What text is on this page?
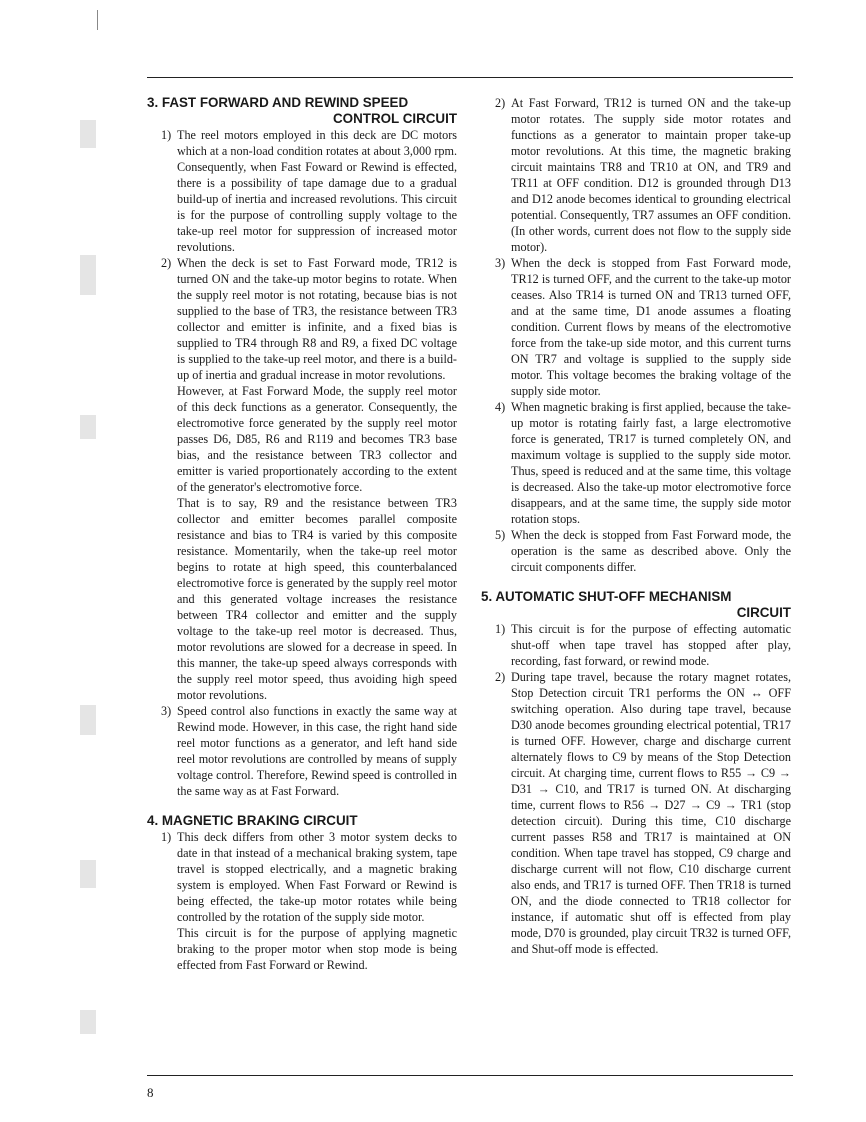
3. FAST FORWARD AND REWIND SPEED
CONTROL CIRCUIT
1) The reel motors employed in this deck are DC motors which at a non-load condition rotates at about 3,000 rpm. Consequently, when Fast Foward or Rewind is effected, there is a possibility of tape damage due to a gradual build-up of inertia and increased revolutions. This circuit is for the purpose of controlling supply voltage to the take-up reel motor for suppression of increased motor revolutions.

2) When the deck is set to Fast Forward mode, TR12 is turned ON and the take-up motor begins to rotate. When the supply reel motor is not rotating, because bias is not supplied to the base of TR3, the resistance between TR3 collector and emitter is infinite, and a fixed bias is supplied to TR4 through R8 and R9, a fixed DC voltage is supplied to the take-up reel motor, and there is a build-up of inertia and gradual increase in motor revolutions.

However, at Fast Forward Mode, the supply reel motor of this deck functions as a generator. Consequently, the electromotive force generated by the supply reel motor passes D6, D85, R6 and R119 and becomes TR3 base bias, and the resistance between TR3 collector and emitter is varied proportionately according to the extent of the generator's electromotive force.

That is to say, R9 and the resistance between TR3 collector and emitter becomes parallel composite resistance and bias to TR4 is varied by this composite resistance. Momentarily, when the take-up reel motor begins to rotate at high speed, this counterbalanced electromotive force is generated by the supply reel motor and this generated voltage increases the resistance between TR4 collector and emitter and the supply voltage to the take-up reel motor is decreased. Thus, motor revolutions are slowed for a decrease in speed. In this manner, the take-up speed always corresponds with the supply reel motor speed, thus avoiding high speed motor revolutions.

3) Speed control also functions in exactly the same way at Rewind mode. However, in this case, the right hand side reel motor functions as a generator, and left hand side reel motor revolutions are controlled by means of supply voltage control. Therefore, Rewind speed is controlled in the same way as at Fast Forward.

4. MAGNETIC BRAKING CIRCUIT
1) This deck differs from other 3 motor system decks to date in that instead of a mechanical braking system, tape travel is stopped electrically, and a magnetic braking system is employed. When Fast Forward or Rewind is being effected, the take-up motor rotates while being controlled by the rotation of the supply side motor.

This circuit is for the purpose of applying magnetic braking to the proper motor when stop mode is being effected from Fast Forward or Rewind.

2) At Fast Forward, TR12 is turned ON and the take-up motor rotates. The supply side motor rotates and functions as a generator to maintain proper take-up motor revolutions. At this time, the magnetic braking circuit maintains TR8 and TR10 at ON, and TR9 and TR11 at OFF condition. D12 is grounded through D13 and D12 anode becomes identical to grounding electrical potential. Consequently, TR7 assumes an OFF condition. (In other words, current does not flow to the supply side motor).

3) When the deck is stopped from Fast Forward mode, TR12 is turned OFF, and the current to the take-up motor ceases. Also TR14 is turned ON and TR13 turned OFF, and at the same time, D1 anode assumes a floating condition. Current flows by means of the electromotive force from the take-up side motor, and this current turns ON TR7 and voltage is supplied to the supply side motor. This voltage becomes the braking voltage of the supply side motor.

4) When magnetic braking is first applied, because the take-up motor is rotating fairly fast, a large electromotive force is generated, TR17 is turned completely ON, and maximum voltage is supplied to the supply side motor. Thus, speed is reduced and at the same time, this voltage is decreased. Also the take-up motor electromotive force disappears, and at the same time, the supply side motor rotation stops.

5) When the deck is stopped from Fast Forward mode, the operation is the same as described above. Only the circuit components differ.

5. AUTOMATIC SHUT-OFF MECHANISM
CIRCUIT
1) This circuit is for the purpose of effecting automatic shut-off when tape travel has stopped after play, recording, fast forward, or rewind mode.

2) During tape travel, because the rotary magnet rotates, Stop Detection circuit TR1 performs the ON ↔ OFF switching operation. Also during tape travel, because D30 anode becomes grounding electrical potential, TR17 is turned OFF. However, charge and discharge current alternately flows to C9 by means of the Stop Detection circuit. At charging time, current flows to R55 → C9 → D31 → C10, and TR17 is turned ON. At discharging time, current flows to R56 → D27 → C9 → TR1 (stop detection circuit). During this time, C10 discharge current passes R58 and TR17 is maintained at ON condition. When tape travel has stopped, C9 charge and discharge current will not flow, C10 discharge current also ends, and TR17 is turned OFF. Then TR18 is turned ON, and the diode connected to TR18 collector for instance, if automatic shut off is effected from play mode, D70 is grounded, play circuit TR32 is turned OFF, and Shut-off mode is effected.

8
